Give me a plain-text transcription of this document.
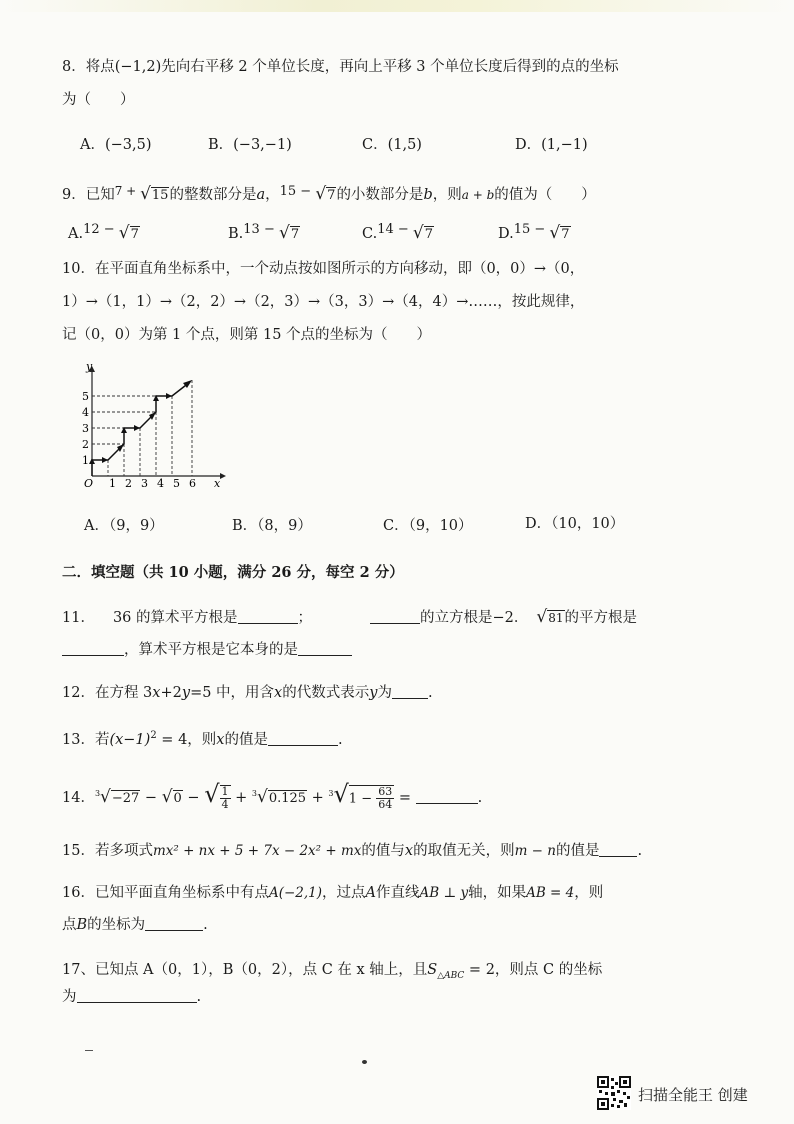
8．将点(−1,2)先向右平移 2 个单位长度，再向上平移 3 个单位长度后得到的点的坐标
为（　　）
A．(−3,5)	B．(−3,−1)	C．(1,5)	D．(1,−1)
9．已知$^{7 +}$ √15的整数部分是a，15 − √7的小数部分是b，则a + b的值为（　　）
A.12 − √7	B.13 − √7	C.14 − √7	D.15 − √7
10．在平面直角坐标系中，一个动点按如图所示的方向移动，即（0，0）→（0，
1）→（1，1）→（2，2）→（2，3）→（3，3）→（4，4）→……，按此规律，
记（0，0）为第 1 个点，则第 15 个点的坐标为（　　）
y
x
O 1 2 3 4 5 6
1
2
3
4
5
A．（9，9）	B．（8，9）	C．（9，10）	D．（10，10）
二．填空题（共 10 小题，满分 26 分，每空 2 分）
11． 36 的算术平方根是	；	的立方根是−2． √81的平方根是
，算术平方根是它本身的是
12．在方程 3x+2y=5 中，用含x的代数式表示y为 .
13．若$(x-1)^2 = 4$，则x的值是	.
14．$^3$√−27 − √0 − √ $\frac{1}{4} + ^3√0.125 + ^3√1 - \frac{63}{64}$ =	.
15．若多项式mx² + nx + 5 + 7x − 2x² + mx的值与x的取值无关，则m − n的值是	.
16．已知平面直角坐标系中有点A(−2,1)，过点A作直线AB ⊥ y轴，如果AB = 4，则
点B的坐标为	.
17、已知点 A（0，1），B（0，2），点 C 在 x 轴上，且$S_{\triangle ABC} = 2$，则点 C 的坐标
为	.
扫描全能王 创建
